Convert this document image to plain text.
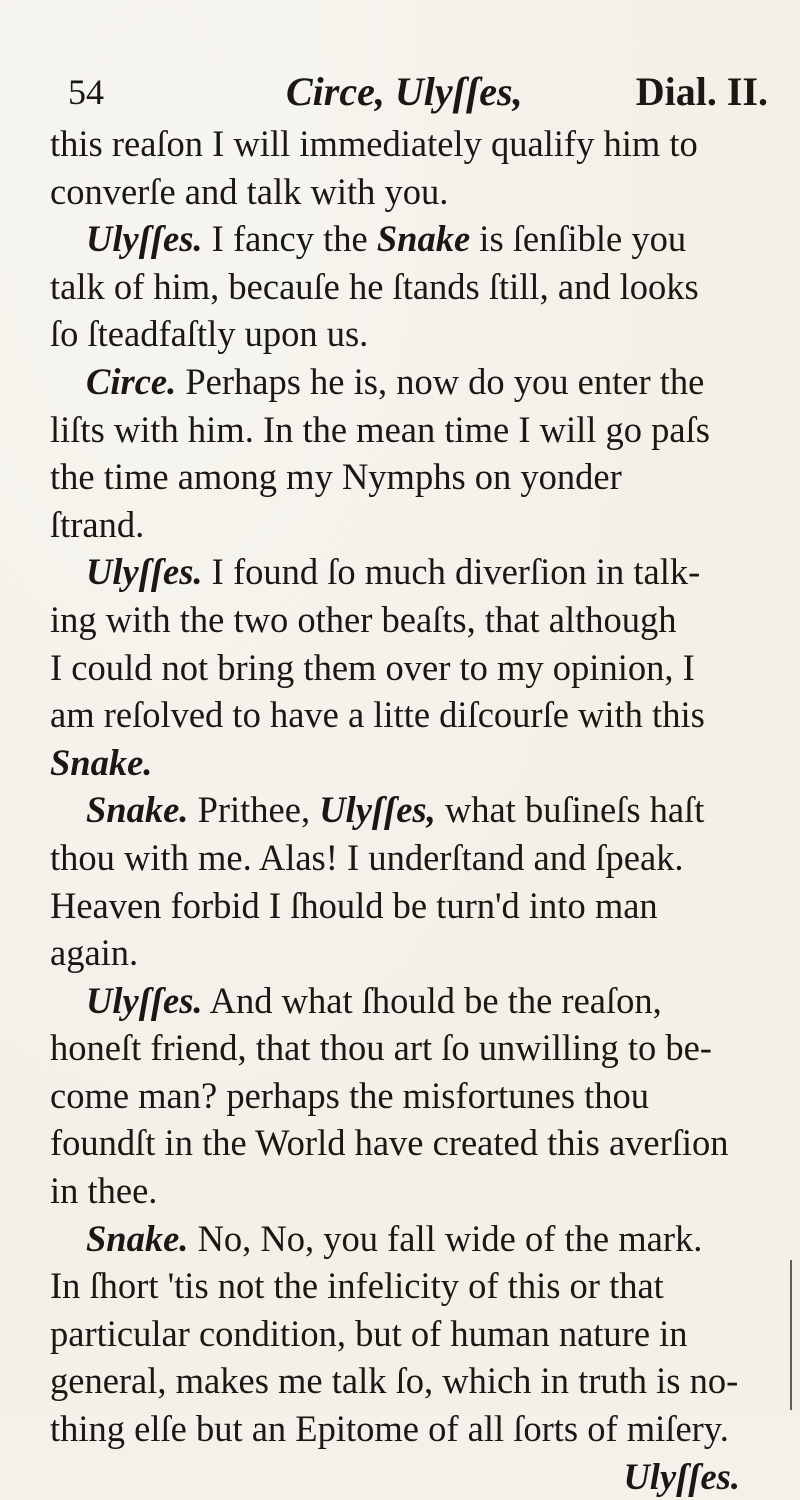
54	Circe, Ulyſſes,	Dial. II.
this reaſon I will immediately qualify him to
converſe and talk with you.
Ulyſſes. I fancy the Snake is ſenſible you
talk of him, becauſe he ſtands ſtill, and looks
ſo ſteadfaſtly upon us.
Circe. Perhaps he is, now do you enter the
liſts with him. In the mean time I will go paſs
the time among my Nymphs on yonder
ſtrand.
Ulyſſes. I found ſo much diverſion in talk-
ing with the two other beaſts, that although
I could not bring them over to my opinion, I
am reſolved to have a litte diſcourſe with this
Snake.
Snake. Prithee, Ulyſſes, what buſineſs haſt
thou with me. Alas! I underſtand and ſpeak.
Heaven forbid I ſhould be turn'd into man
again.
Ulyſſes. And what ſhould be the reaſon,
honeſt friend, that thou art ſo unwilling to be-
come man? perhaps the misfortunes thou
foundſt in the World have created this averſion
in thee.
Snake. No, No, you fall wide of the mark.
In ſhort 'tis not the infelicity of this or that
particular condition, but of human nature in
general, makes me talk ſo, which in truth is no-
thing elſe but an Epitome of all ſorts of miſery.
Ulyſſes.
